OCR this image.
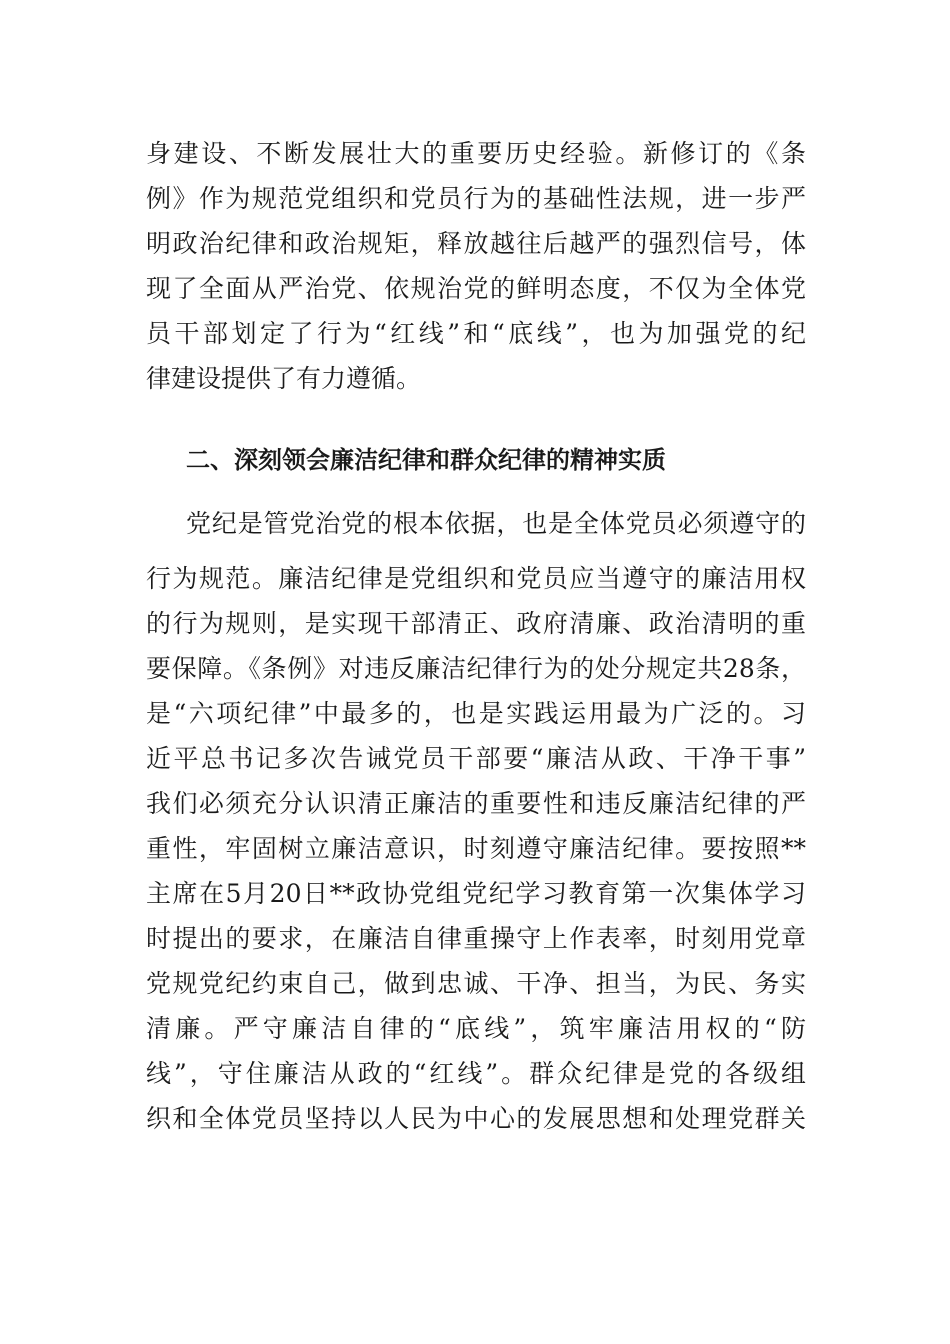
身建设、不断发展壮大的重要历史经验。新修订的《条
例》作为规范党组织和党员行为的基础性法规，进一步严
明政治纪律和政治规矩，释放越往后越严的强烈信号，体
现了全面从严治党、依规治党的鲜明态度，不仅为全体党
员干部划定了行为“红线”和“底线”，也为加强党的纪
律建设提供了有力遵循。
二、深刻领会廉洁纪律和群众纪律的精神实质
党纪是管党治党的根本依据，也是全体党员必须遵守的
行为规范。廉洁纪律是党组织和党员应当遵守的廉洁用权
的行为规则，是实现干部清正、政府清廉、政治清明的重
要保障。《条例》对违反廉洁纪律行为的处分规定共28条，
是“六项纪律”中最多的，也是实践运用最为广泛的。习
近平总书记多次告诫党员干部要“廉洁从政、干净干事”
我们必须充分认识清正廉洁的重要性和违反廉洁纪律的严
重性，牢固树立廉洁意识，时刻遵守廉洁纪律。要按照**
主席在5月20日**政协党组党纪学习教育第一次集体学习
时提出的要求，在廉洁自律重操守上作表率，时刻用党章
党规党纪约束自己，做到忠诚、干净、担当，为民、务实
清廉。严守廉洁自律的“底线”，筑牢廉洁用权的“防
线”，守住廉洁从政的“红线”。群众纪律是党的各级组
织和全体党员坚持以人民为中心的发展思想和处理党群关
